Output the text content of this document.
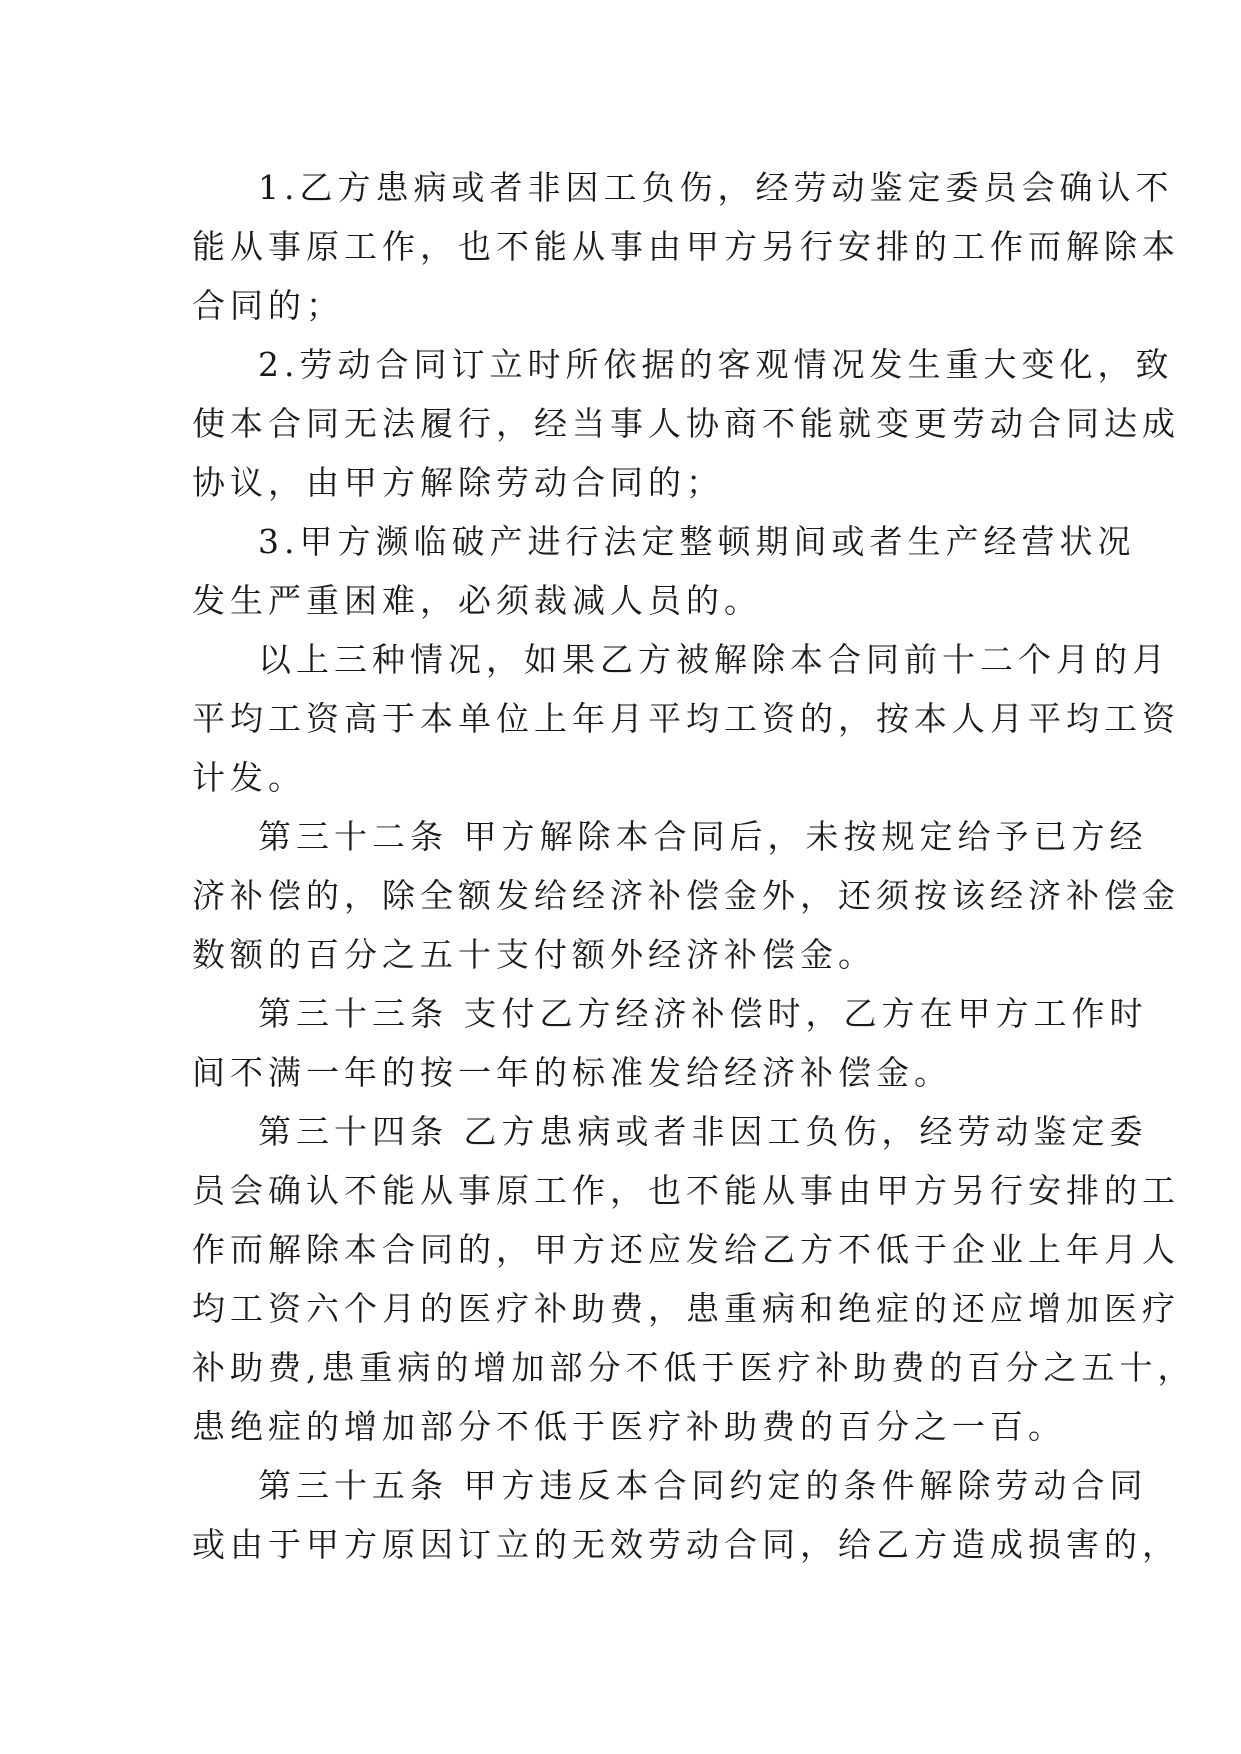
1.乙方患病或者非因工负伤，经劳动鉴定委员会确认不
能从事原工作，也不能从事由甲方另行安排的工作而解除本
合同的；
2.劳动合同订立时所依据的客观情况发生重大变化，致
使本合同无法履行，经当事人协商不能就变更劳动合同达成
协议，由甲方解除劳动合同的；
3.甲方濒临破产进行法定整顿期间或者生产经营状况
发生严重困难，必须裁减人员的。
以上三种情况，如果乙方被解除本合同前十二个月的月
平均工资高于本单位上年月平均工资的，按本人月平均工资
计发。
第三十二条 甲方解除本合同后，未按规定给予已方经
济补偿的，除全额发给经济补偿金外，还须按该经济补偿金
数额的百分之五十支付额外经济补偿金。
第三十三条 支付乙方经济补偿时，乙方在甲方工作时
间不满一年的按一年的标准发给经济补偿金。
第三十四条 乙方患病或者非因工负伤，经劳动鉴定委
员会确认不能从事原工作，也不能从事由甲方另行安排的工
作而解除本合同的，甲方还应发给乙方不低于企业上年月人
均工资六个月的医疗补助费，患重病和绝症的还应增加医疗
补助费,患重病的增加部分不低于医疗补助费的百分之五十，
患绝症的增加部分不低于医疗补助费的百分之一百。
第三十五条 甲方违反本合同约定的条件解除劳动合同
或由于甲方原因订立的无效劳动合同，给乙方造成损害的，
